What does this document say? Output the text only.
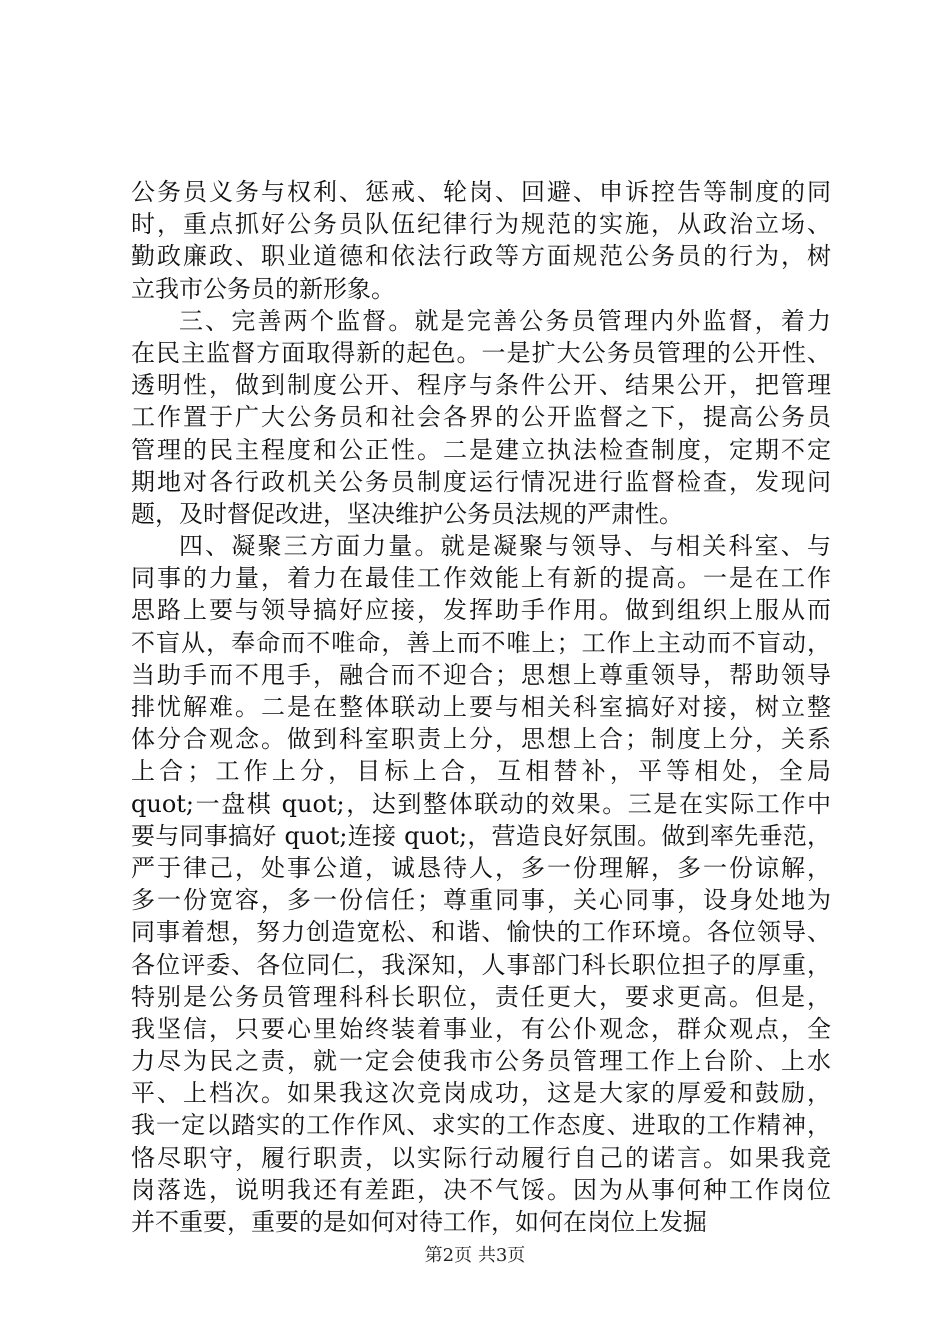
公务员义务与权利、惩戒、轮岗、回避、申诉控告等制度的同
时，重点抓好公务员队伍纪律行为规范的实施，从政治立场、
勤政廉政、职业道德和依法行政等方面规范公务员的行为，树
立我市公务员的新形象。
三、完善两个监督。就是完善公务员管理内外监督，着力
在民主监督方面取得新的起色。一是扩大公务员管理的公开性、
透明性，做到制度公开、程序与条件公开、结果公开，把管理
工作置于广大公务员和社会各界的公开监督之下，提高公务员
管理的民主程度和公正性。二是建立执法检查制度，定期不定
期地对各行政机关公务员制度运行情况进行监督检查，发现问
题，及时督促改进，坚决维护公务员法规的严肃性。
四、凝聚三方面力量。就是凝聚与领导、与相关科室、与
同事的力量，着力在最佳工作效能上有新的提高。一是在工作
思路上要与领导搞好应接，发挥助手作用。做到组织上服从而
不盲从，奉命而不唯命，善上而不唯上；工作上主动而不盲动，
当助手而不甩手，融合而不迎合；思想上尊重领导，帮助领导
排忧解难。二是在整体联动上要与相关科室搞好对接，树立整
体分合观念。做到科室职责上分，思想上合；制度上分，关系
上合；工作上分，目标上合，互相替补，平等相处，全局
quot;一盘棋 quot;，达到整体联动的效果。三是在实际工作中
要与同事搞好 quot;连接 quot;，营造良好氛围。做到率先垂范，
严于律己，处事公道，诚恳待人，多一份理解，多一份谅解，
多一份宽容，多一份信任；尊重同事，关心同事，设身处地为
同事着想，努力创造宽松、和谐、愉快的工作环境。各位领导、
各位评委、各位同仁，我深知，人事部门科长职位担子的厚重，
特别是公务员管理科科长职位，责任更大，要求更高。但是，
我坚信，只要心里始终装着事业，有公仆观念，群众观点，全
力尽为民之责，就一定会使我市公务员管理工作上台阶、上水
平、上档次。如果我这次竞岗成功，这是大家的厚爱和鼓励，
我一定以踏实的工作作风、求实的工作态度、进取的工作精神，
恪尽职守，履行职责，以实际行动履行自己的诺言。如果我竞
岗落选，说明我还有差距，决不气馁。因为从事何种工作岗位
并不重要，重要的是如何对待工作，如何在岗位上发掘
第2页 共3页
